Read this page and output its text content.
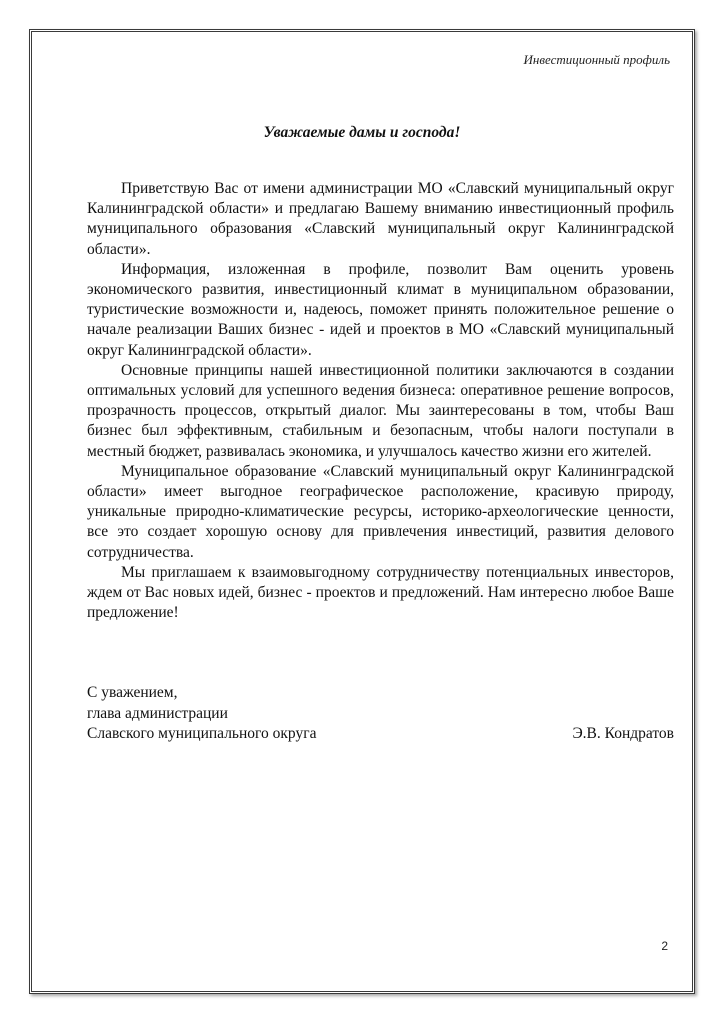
Инвестиционный профиль
Уважаемые дамы и господа!

Приветствую Вас от имени администрации МО «Славский муниципальный округ Калининградской области» и предлагаю Вашему вниманию инвестиционный профиль муниципального образования «Славский муниципальный округ Калининградской области».

Информация, изложенная в профиле, позволит Вам оценить уровень экономического развития, инвестиционный климат в муниципальном образовании, туристические возможности и, надеюсь, поможет принять положительное решение о начале реализации Ваших бизнес - идей и проектов в МО «Славский муниципальный округ Калининградской области».

Основные принципы нашей инвестиционной политики заключаются в создании оптимальных условий для успешного ведения бизнеса: оперативное решение вопросов, прозрачность процессов, открытый диалог. Мы заинтересованы в том, чтобы Ваш бизнес был эффективным, стабильным и безопасным, чтобы налоги поступали в местный бюджет, развивалась экономика, и улучшалось качество жизни его жителей.

Муниципальное образование «Славский муниципальный округ Калининградской области» имеет выгодное географическое расположение, красивую природу, уникальные природно-климатические ресурсы, историко-археологические ценности, все это создает хорошую основу для привлечения инвестиций, развития делового сотрудничества.

Мы приглашаем к взаимовыгодному сотрудничеству потенциальных инвесторов, ждем от Вас новых идей, бизнес - проектов и предложений. Нам интересно любое Ваше предложение!

С уважением,
глава администрации
Славского муниципального округа	Э.В. Кондратов
2
